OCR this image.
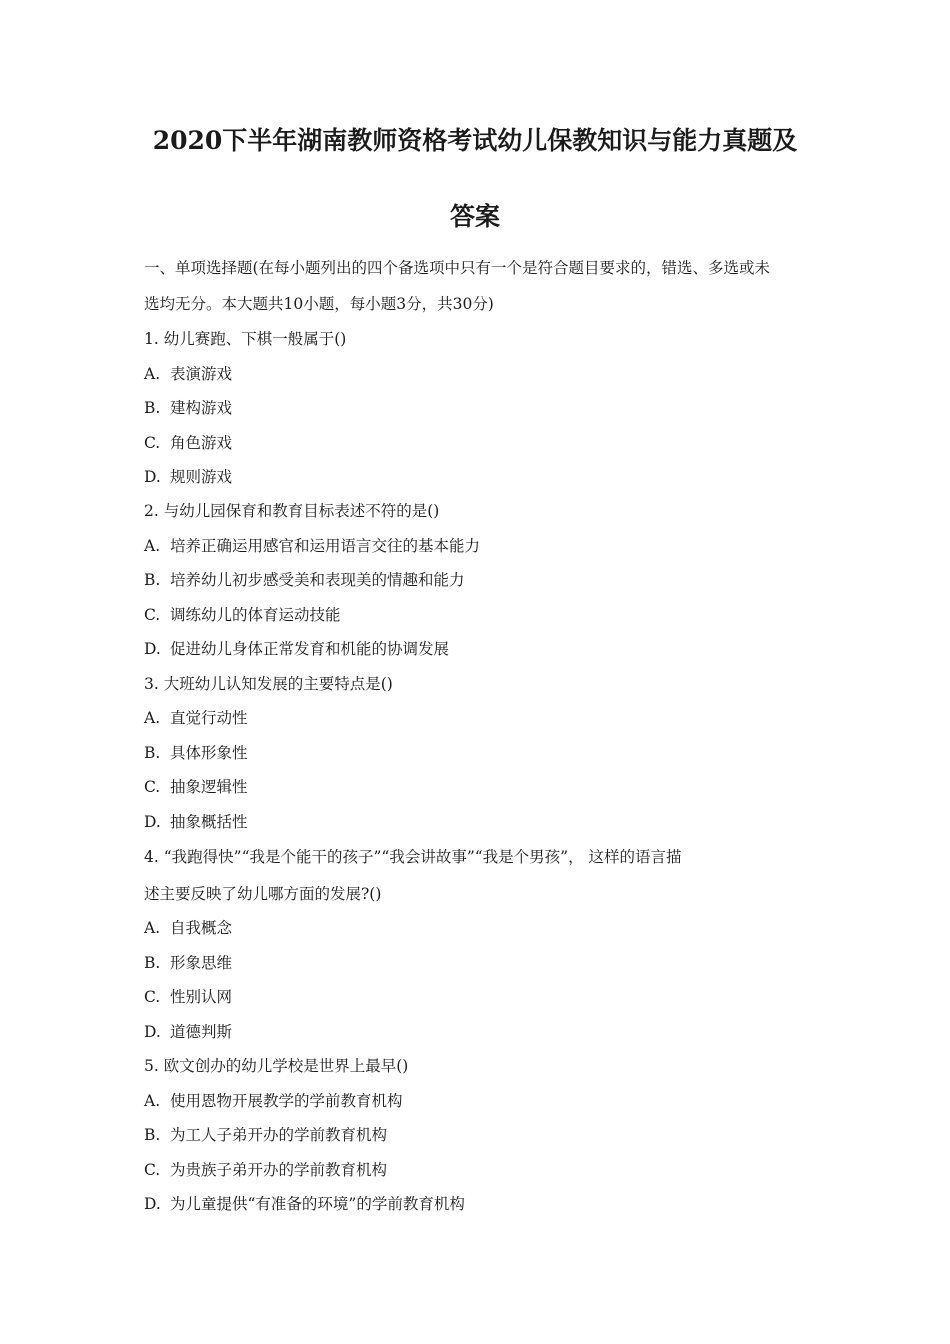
2020下半年湖南教师资格考试幼儿保教知识与能力真题及
答案
一、单项选择题(在每小题列出的四个备选项中只有一个是符合题目要求的，错选、多选或未
选均无分。本大题共10小题，每小题3分，共30分)
1. 幼儿赛跑、下棋一般属于()
A. 表演游戏
B. 建构游戏
C. 角色游戏
D. 规则游戏
2. 与幼儿园保育和教育目标表述不符的是()
A. 培养正确运用感官和运用语言交往的基本能力
B. 培养幼儿初步感受美和表现美的情趣和能力
C. 调练幼儿的体育运动技能
D. 促进幼儿身体正常发育和机能的协调发展
3. 大班幼儿认知发展的主要特点是()
A. 直觉行动性
B. 具体形象性
C. 抽象逻辑性
D. 抽象概括性
4. “我跑得快”“我是个能干的孩子”“我会讲故事”“我是个男孩”， 这样的语言描
述主要反映了幼儿哪方面的发展?()
A. 自我概念
B. 形象思维
C. 性别认网
D. 道德判斯
5. 欧文创办的幼儿学校是世界上最早()
A. 使用恩物开展教学的学前教育机构
B. 为工人子弟开办的学前教育机构
C. 为贵族子弟开办的学前教育机构
D. 为儿童提供“有准备的环境”的学前教育机构
